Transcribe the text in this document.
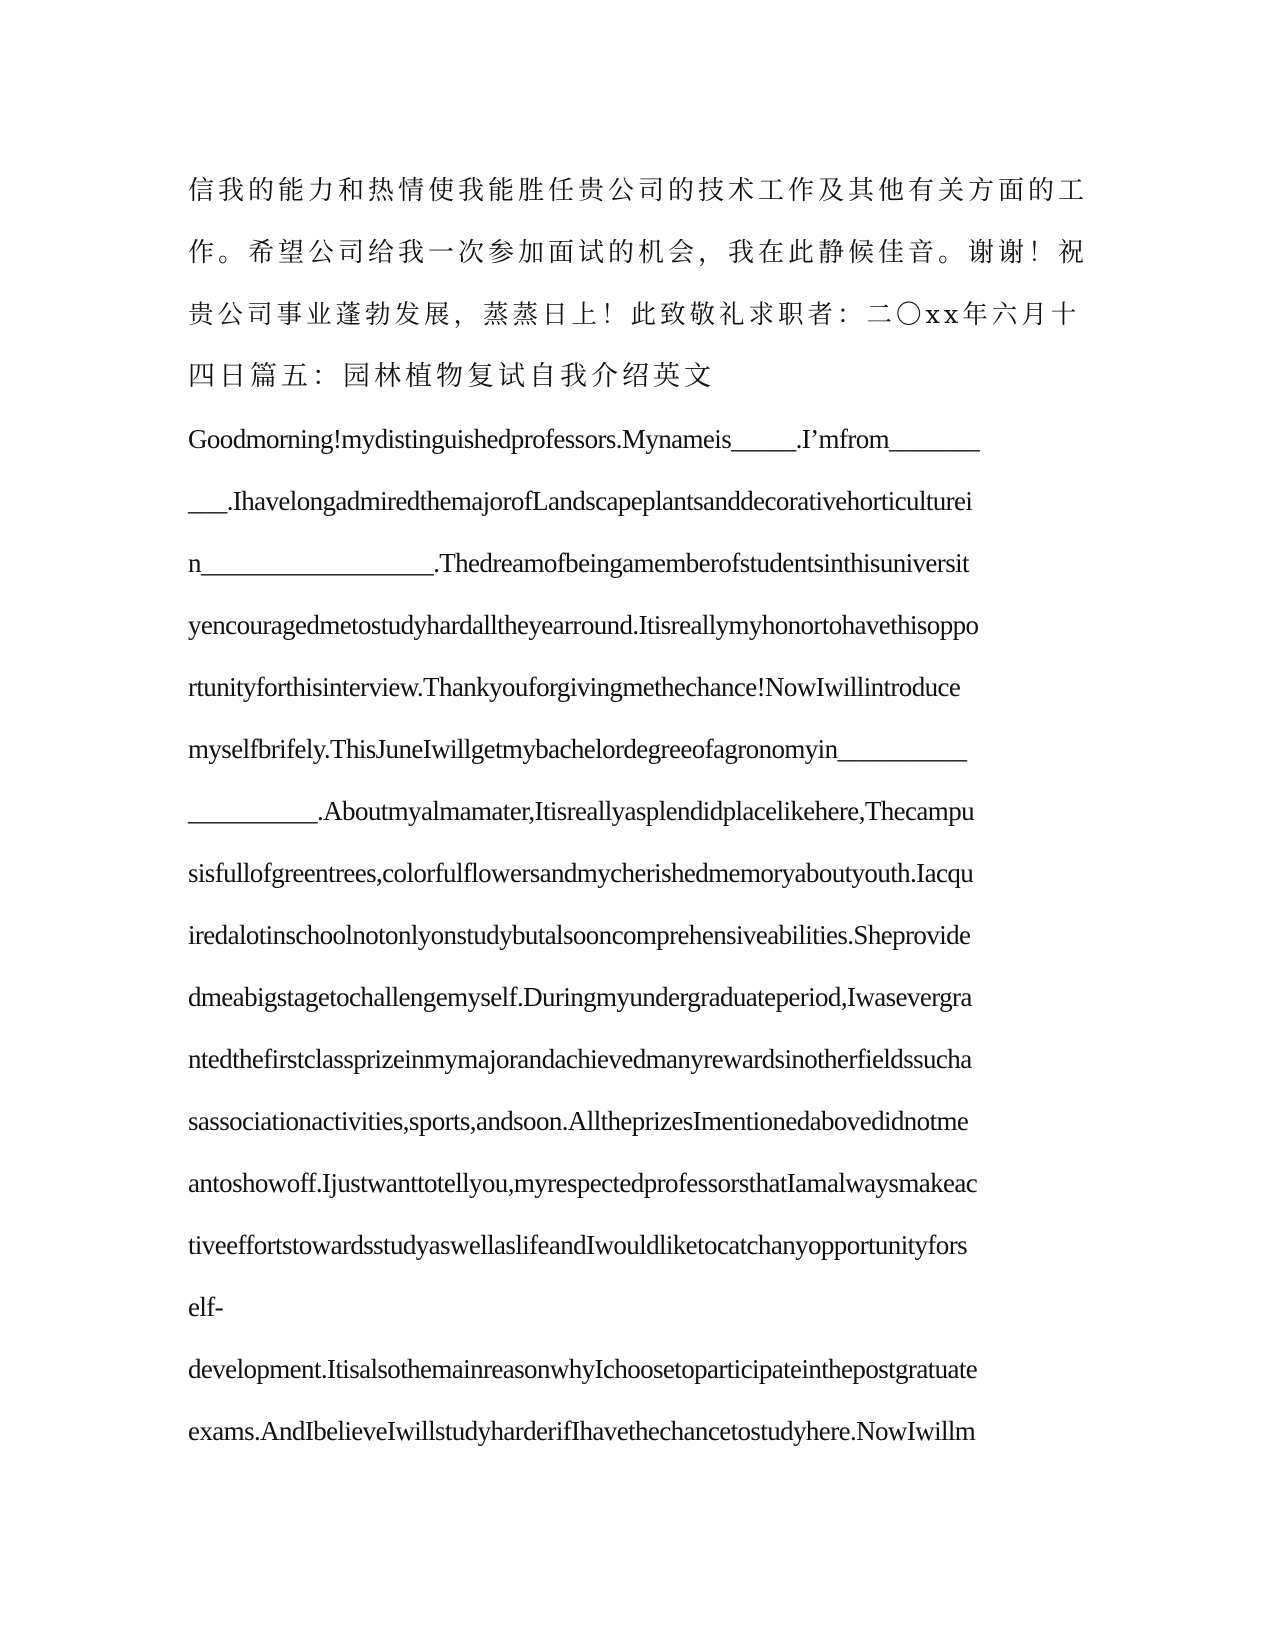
信我的能力和热情使我能胜任贵公司的技术工作及其他有关方面的工
作。希望公司给我一次参加面试的机会，我在此静候佳音。谢谢！祝
贵公司事业蓬勃发展，蒸蒸日上！此致敬礼求职者：二〇xx年六月十
四日篇五：园林植物复试自我介绍英文
Goodmorning!mydistinguishedprofessors.Mynameis_____.I’mfrom_______
___.IhavelongadmiredthemajorofLandscapeplantsanddecorativehorticulturei
n__________________.Thedreamofbeingamemberofstudentsinthisuniversit
yencouragedmetostudyhardalltheyearround.Itisreallymyhonortohavethisoppo
rtunityforthisinterview.Thankyouforgivingmethechance!NowIwillintroduce
myselfbrifely.ThisJuneIwillgetmybachelordegreeofagronomyin__________
__________.Aboutmyalmamater,Itisreallyasplendidplacelikehere,Thecampu
sisfullofgreentrees,colorfulflowersandmycherishedmemoryaboutyouth.Iacqu
iredalotinschoolnotonlyonstudybutalsooncomprehensiveabilities.Sheprovide
dmeabigstagetochallengemyself.Duringmyundergraduateperiod,Iwasevergra
ntedthefirstclassprizeinmymajorandachievedmanyrewardsinotherfieldssucha
sassociationactivities,sports,andsoon.AlltheprizesImentionedabovedidnotme
antoshowoff.Ijustwanttotellyou,myrespectedprofessorsthatIamalwaysmakeac
tiveeffortstowardsstudyaswellaslifeandIwouldliketocatchanyopportunityfors
elf-
development.ItisalsothemainreasonwhyIchoosetoparticipateinthepostgratuate
exams.AndIbelieveIwillstudyharderifIhavethechancetostudyhere.NowIwillm
